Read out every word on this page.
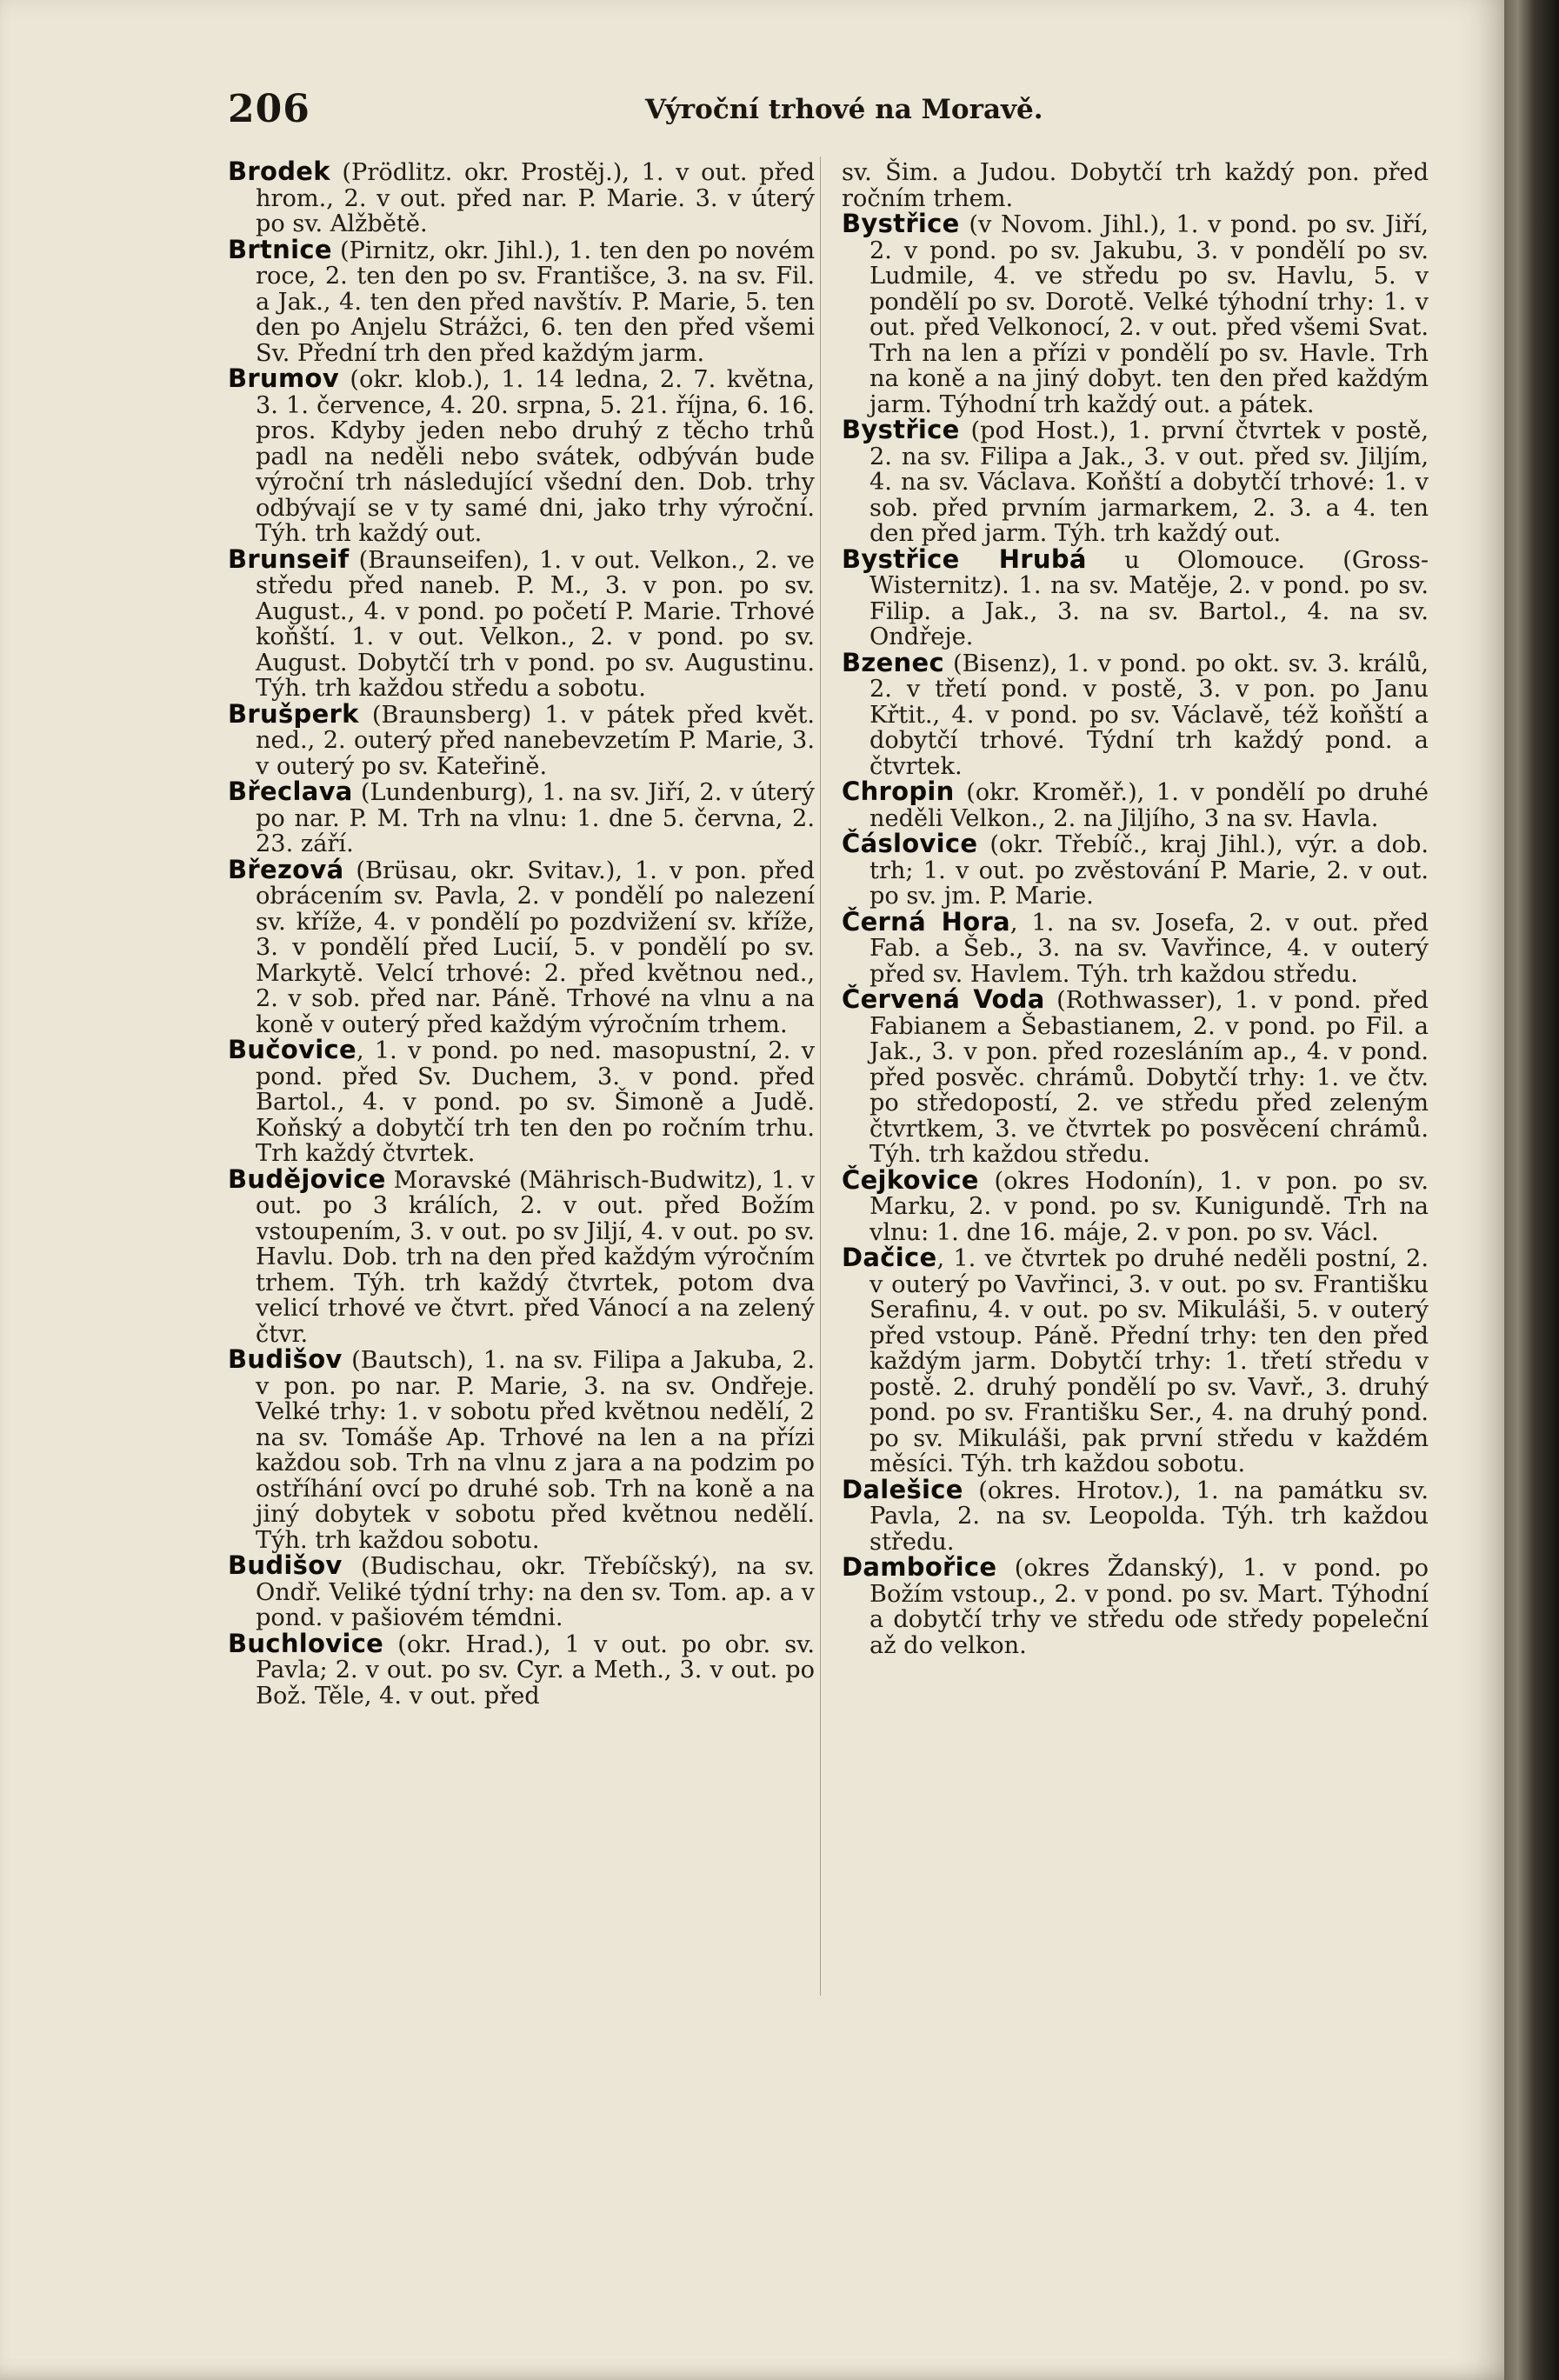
206	Výroční trhové na Moravě.

Brodek (Prödlitz. okr. Prostěj.), 1. v out. před hrom., 2. v out. před nar. P. Marie. 3. v úterý po sv. Alžbětě.

Brtnice (Pirnitz, okr. Jihl.), 1. ten den po novém roce, 2. ten den po sv. Františce, 3. na sv. Fil. a Jak., 4. ten den před navštív. P. Marie, 5. ten den po Anjelu Strážci, 6. ten den před všemi Sv. Přední trh den před každým jarm.

Brumov (okr. klob.), 1. 14 ledna, 2. 7. května, 3. 1. července, 4. 20. srpna, 5. 21. října, 6. 16. pros. Kdyby jeden nebo druhý z těcho trhů padl na neděli nebo svátek, odbýván bude výroční trh následující všední den. Dob. trhy odbývají se v ty samé dni, jako trhy výroční. Týh. trh každý out.

Brunseif (Braunseifen), 1. v out. Velkon., 2. ve středu před naneb. P. M., 3. v pon. po sv. August., 4. v pond. po početí P. Marie. Trhové koňští. 1. v out. Velkon., 2. v pond. po sv. August. Dobytčí trh v pond. po sv. Augustinu. Týh. trh každou středu a sobotu.

Brušperk (Braunsberg) 1. v pátek před květ. ned., 2. outerý před nanebevzetím P. Marie, 3. v outerý po sv. Kateřině.

Břeclava (Lundenburg), 1. na sv. Jiří, 2. v úterý po nar. P. M. Trh na vlnu: 1. dne 5. června, 2. 23. září.

Březová (Brüsau, okr. Svitav.), 1. v pon. před obrácením sv. Pavla, 2. v pondělí po nalezení sv. kříže, 4. v pondělí po pozdvižení sv. kříže, 3. v pondělí před Lucií, 5. v pondělí po sv. Markytě. Velcí trhové: 2. před květnou ned., 2. v sob. před nar. Páně. Trhové na vlnu a na koně v outerý před každým výročním trhem.

Bučovice, 1. v pond. po ned. masopustní, 2. v pond. před Sv. Duchem, 3. v pond. před Bartol., 4. v pond. po sv. Šimoně a Judě. Koňský a dobytčí trh ten den po ročním trhu. Trh každý čtvrtek.

Budějovice Moravské (Mährisch-Budwitz), 1. v out. po 3 králích, 2. v out. před Božím vstoupením, 3. v out. po sv Jiljí, 4. v out. po sv. Havlu. Dob. trh na den před každým výročním trhem. Týh. trh každý čtvrtek, potom dva velicí trhové ve čtvrt. před Vánocí a na zelený čtvr.

Budišov (Bautsch), 1. na sv. Filipa a Jakuba, 2. v pon. po nar. P. Marie, 3. na sv. Ondřeje. Velké trhy: 1. v sobotu před květnou nedělí, 2 na sv. Tomáše Ap. Trhové na len a na přízi každou sob. Trh na vlnu z jara a na podzim po ostříhání ovcí po druhé sob. Trh na koně a na jiný dobytek v sobotu před květnou nedělí. Týh. trh každou sobotu.

Budišov (Budischau, okr. Třebíčský), na sv. Ondř. Veliké týdní trhy: na den sv. Tom. ap. a v pond. v pašiovém témdni.

Buchlovice (okr. Hrad.), 1 v out. po obr. sv. Pavla; 2. v out. po sv. Cyr. a Meth., 3. v out. po Bož. Těle, 4. v out. před

sv. Šim. a Judou. Dobytčí trh každý pon. před ročním trhem.

Bystřice (v Novom. Jihl.), 1. v pond. po sv. Jiří, 2. v pond. po sv. Jakubu, 3. v pondělí po sv. Ludmile, 4. ve středu po sv. Havlu, 5. v pondělí po sv. Dorotě. Velké týhodní trhy: 1. v out. před Velkonocí, 2. v out. před všemi Svat. Trh na len a přízi v pondělí po sv. Havle. Trh na koně a na jiný dobyt. ten den před každým jarm. Týhodní trh každý out. a pátek.

Bystřice (pod Host.), 1. první čtvrtek v postě, 2. na sv. Filipa a Jak., 3. v out. před sv. Jiljím, 4. na sv. Václava. Koňští a dobytčí trhové: 1. v sob. před prvním jarmarkem, 2. 3. a 4. ten den před jarm. Týh. trh každý out.

Bystřice Hrubá u Olomouce. (Gross-Wisternitz). 1. na sv. Matěje, 2. v pond. po sv. Filip. a Jak., 3. na sv. Bartol., 4. na sv. Ondřeje.

Bzenec (Bisenz), 1. v pond. po okt. sv. 3. králů, 2. v třetí pond. v postě, 3. v pon. po Janu Křtit., 4. v pond. po sv. Václavě, též koňští a dobytčí trhové. Týdní trh každý pond. a čtvrtek.

Chropin (okr. Kroměř.), 1. v pondělí po druhé neděli Velkon., 2. na Jiljího, 3 na sv. Havla.

Čáslovice (okr. Třebíč., kraj Jihl.), výr. a dob. trh; 1. v out. po zvěstování P. Marie, 2. v out. po sv. jm. P. Marie.

Černá Hora, 1. na sv. Josefa, 2. v out. před Fab. a Šeb., 3. na sv. Vavřince, 4. v outerý před sv. Havlem. Týh. trh každou středu.

Červená Voda (Rothwasser), 1. v pond. před Fabianem a Šebastianem, 2. v pond. po Fil. a Jak., 3. v pon. před rozesláním ap., 4. v pond. před posvěc. chrámů. Dobytčí trhy: 1. ve čtv. po středopostí, 2. ve středu před zeleným čtvrtkem, 3. ve čtvrtek po posvěcení chrámů. Týh. trh každou středu.

Čejkovice (okres Hodonín), 1. v pon. po sv. Marku, 2. v pond. po sv. Kunigundě. Trh na vlnu: 1. dne 16. máje, 2. v pon. po sv. Václ.

Dačice, 1. ve čtvrtek po druhé neděli postní, 2. v outerý po Vavřinci, 3. v out. po sv. Františku Serafinu, 4. v out. po sv. Mikuláši, 5. v outerý před vstoup. Páně. Přední trhy: ten den před každým jarm. Dobytčí trhy: 1. třetí středu v postě. 2. druhý pondělí po sv. Vavř., 3. druhý pond. po sv. Františku Ser., 4. na druhý pond. po sv. Mikuláši, pak první středu v každém měsíci. Týh. trh každou sobotu.

Dalešice (okres. Hrotov.), 1. na památku sv. Pavla, 2. na sv. Leopolda. Týh. trh každou středu.

Dambořice (okres Ždanský), 1. v pond. po Božím vstoup., 2. v pond. po sv. Mart. Týhodní a dobytčí trhy ve středu ode středy popeleční až do velkon.
